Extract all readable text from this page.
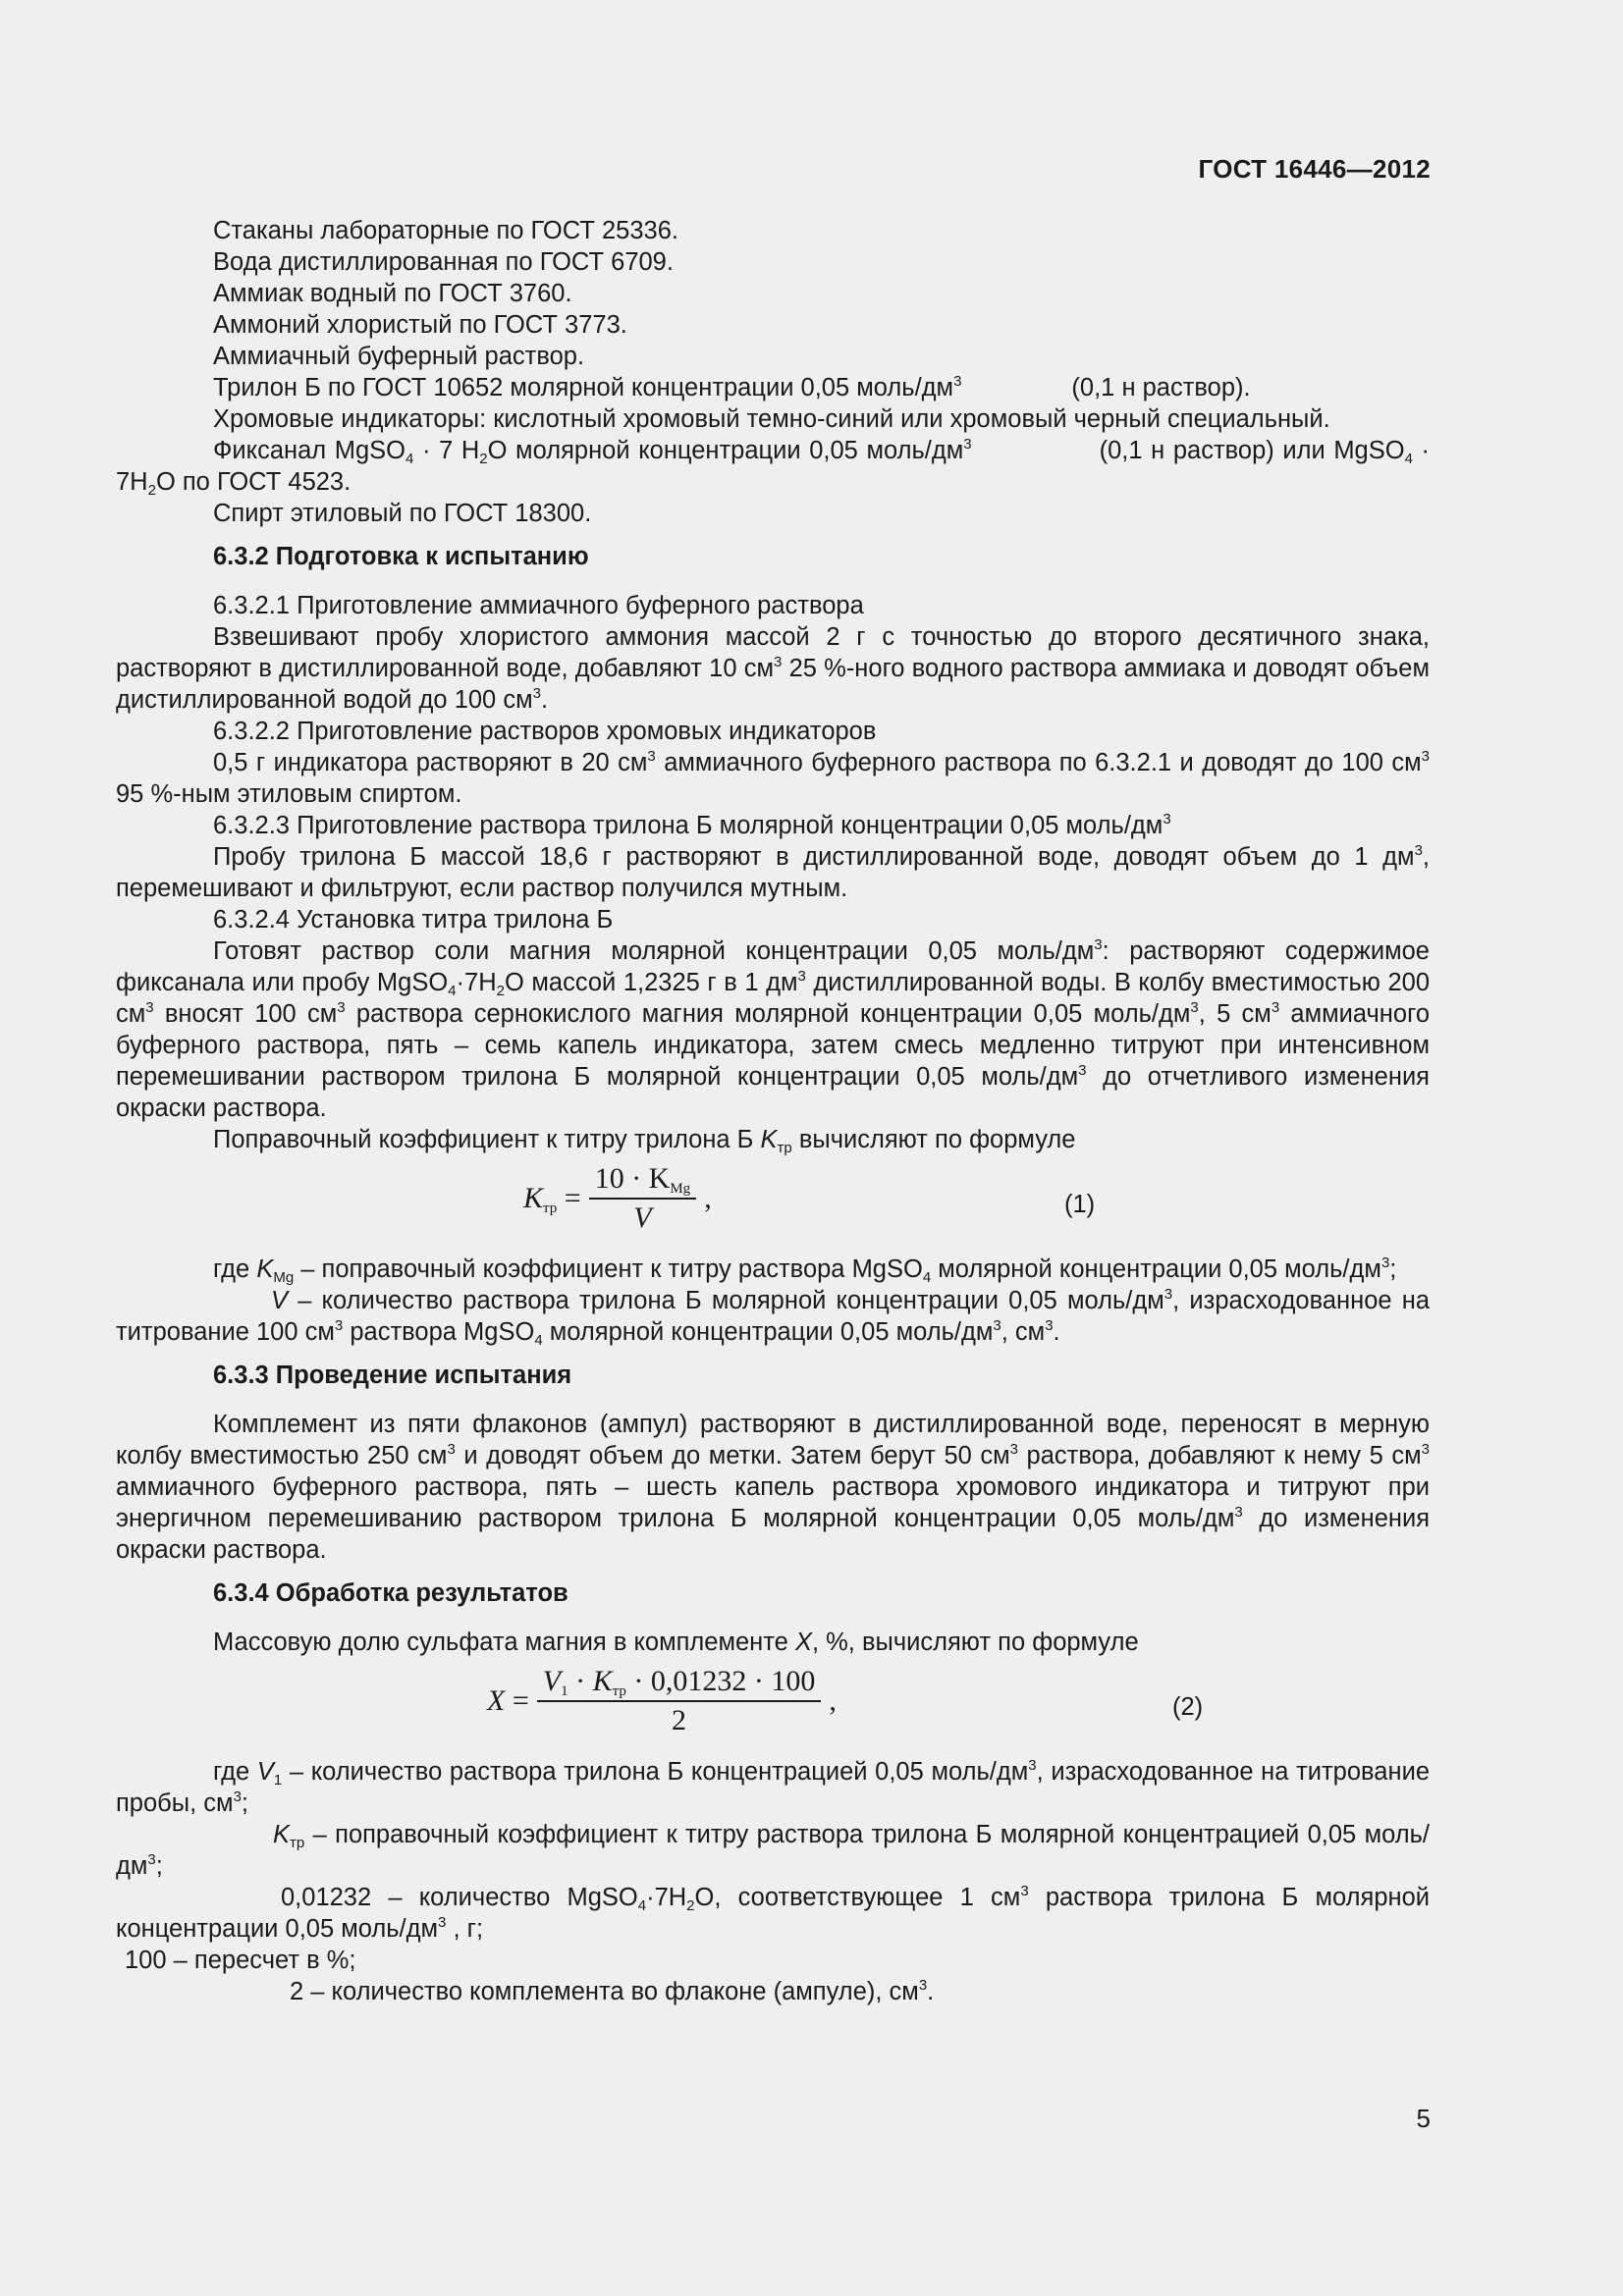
ГОСТ 16446—2012

Стаканы лабораторные по ГОСТ 25336.

Вода дистиллированная по ГОСТ 6709.

Аммиак водный по ГОСТ 3760.

Аммоний хлористый по ГОСТ 3773.

Аммиачный буферный раствор.

Трилон Б по ГОСТ 10652 молярной концентрации 0,05 моль/$дм^3$	(0,1 н раствор).

Хромовые индикаторы: кислотный хромовый темно-синий или хромовый черный специальный.

Фиксанал MgSO$_4$ · 7 $H_2O$ молярной концентрации 0,05 моль/$дм^3$	(0,1 н раствор) или MgSO$_4$ · $7H_2O$ по ГОСТ 4523.

Спирт этиловый по ГОСТ 18300.

6.3.2 Подготовка к испытанию

6.3.2.1 Приготовление аммиачного буферного раствора

Взвешивают пробу хлористого аммония массой 2 г с точностью до второго десятичного знака, растворяют в дистиллированной воде, добавляют 10 $см^3$ 25 %-ного водного раствора аммиака и доводят объем дистиллированной водой до 100 $см^3$.

6.3.2.2 Приготовление растворов хромовых индикаторов

0,5 г индикатора растворяют в 20 $см^3$ аммиачного буферного раствора по 6.3.2.1 и доводят до 100 $см^3$ 95 %-ным этиловым спиртом.

6.3.2.3 Приготовление раствора трилона Б молярной концентрации 0,05 моль/$дм^3$

Пробу трилона Б массой 18,6 г растворяют в дистиллированной воде, доводят объем до 1 $дм^3$, перемешивают и фильтруют, если раствор получился мутным.

6.3.2.4 Установка титра трилона Б

Готовят раствор соли магния молярной концентрации 0,05 моль/$дм^3$: растворяют содержимое фиксанала или пробу $MgSO_4\cdot 7H_2O$ массой 1,2325 г в 1 $дм^3$ дистиллированной воды. В колбу вместимостью 200 $см^3$ вносят 100 $см^3$ раствора сернокислого магния молярной концентрации 0,05 моль/$дм^3$, 5 $см^3$ аммиачного буферного раствора, пять – семь капель индикатора, затем смесь медленно титруют при интенсивном перемешивании раствором трилона Б молярной концентрации 0,05 моль/$дм^3$ до отчетливого изменения окраски раствора.

Поправочный коэффициент к титру трилона Б $K_{тр}$ вычисляют по формуле

$K_{тр} = \frac{10 \cdot K_{Mg}}{V}$ ,	(1)

где $K_{Mg}$ – поправочный коэффициент к титру раствора MgSO$_4$ молярной концентрации 0,05 моль/$дм^3$;

V – количество раствора трилона Б молярной концентрации 0,05 моль/$дм^3$, израсходованное на титрование 100 $см^3$ раствора MgSO$_4$ молярной концентрации 0,05 моль/$дм^3$, $см^3$.

6.3.3 Проведение испытания

Комплемент из пяти флаконов (ампул) растворяют в дистиллированной воде, переносят в мерную колбу вместимостью 250 $см^3$ и доводят объем до метки. Затем берут 50 $см^3$ раствора, добавляют к нему 5 $см^3$ аммиачного буферного раствора, пять – шесть капель раствора хромового индикатора и титруют при энергичном перемешиванию раствором трилона Б молярной концентрации 0,05 моль/$дм^3$ до изменения окраски раствора.

6.3.4 Обработка результатов

Массовую долю сульфата магния в комплементе X, %, вычисляют по формуле

$X = \frac{V_1 \cdot K_{тр} \cdot 0,01232 \cdot 100}{2}$ ,	(2)

где $V_1$ – количество раствора трилона Б концентрацией 0,05 моль/$дм^3$, израсходованное на титрование пробы, $см^3$;

$K_{тр}$ – поправочный коэффициент к титру раствора трилона Б молярной концентрацией 0,05 моль/$дм^3$;

0,01232 – количество $MgSO_4\cdot 7H_2O$, соответствующее 1 $см^3$ раствора трилона Б молярной концентрации 0,05 моль/$дм^3$ , г;

100 – пересчет в %;

2 – количество комплемента во флаконе (ампуле), $см^3$.

5
